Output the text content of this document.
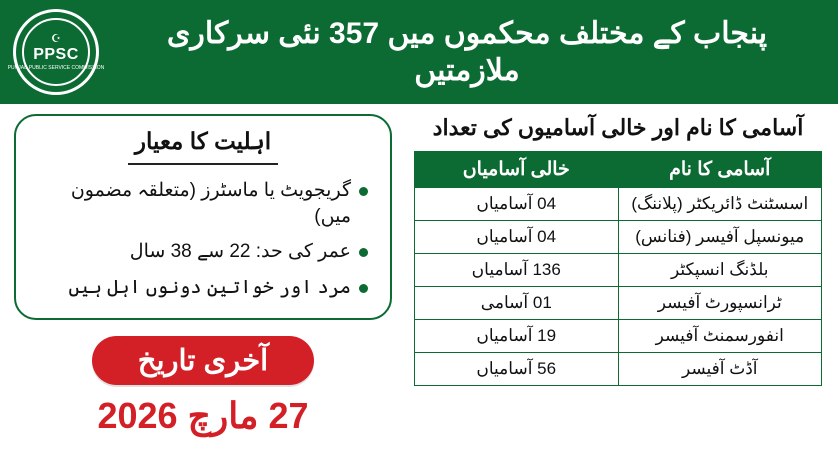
☪
PPSC
PUNJAB PUBLIC SERVICE COMMISSION
پنجاب کے مختلف محکموں میں 357 نئی سرکاری ملازمتیں
اہلیت کا معیار
گریجویٹ یا ماسٹرز (متعلقہ مضمون میں)
عمر کی حد: 22 سے 38 سال
مرد اور خواتین دونوں اہل ہیں
آخری تاریخ
27 مارچ 2026
آسامی کا نام اور خالی آسامیوں کی تعداد
آسامی کا نام	خالی آسامیاں
اسسٹنٹ ڈائریکٹر (پلاننگ)	04 آسامیاں
میونسپل آفیسر (فنانس)	04 آسامیاں
بلڈنگ انسپکٹر	136 آسامیاں
ٹرانسپورٹ آفیسر	01 آسامی
انفورسمنٹ آفیسر	19 آسامیاں
آڈٹ آفیسر	56 آسامیاں
